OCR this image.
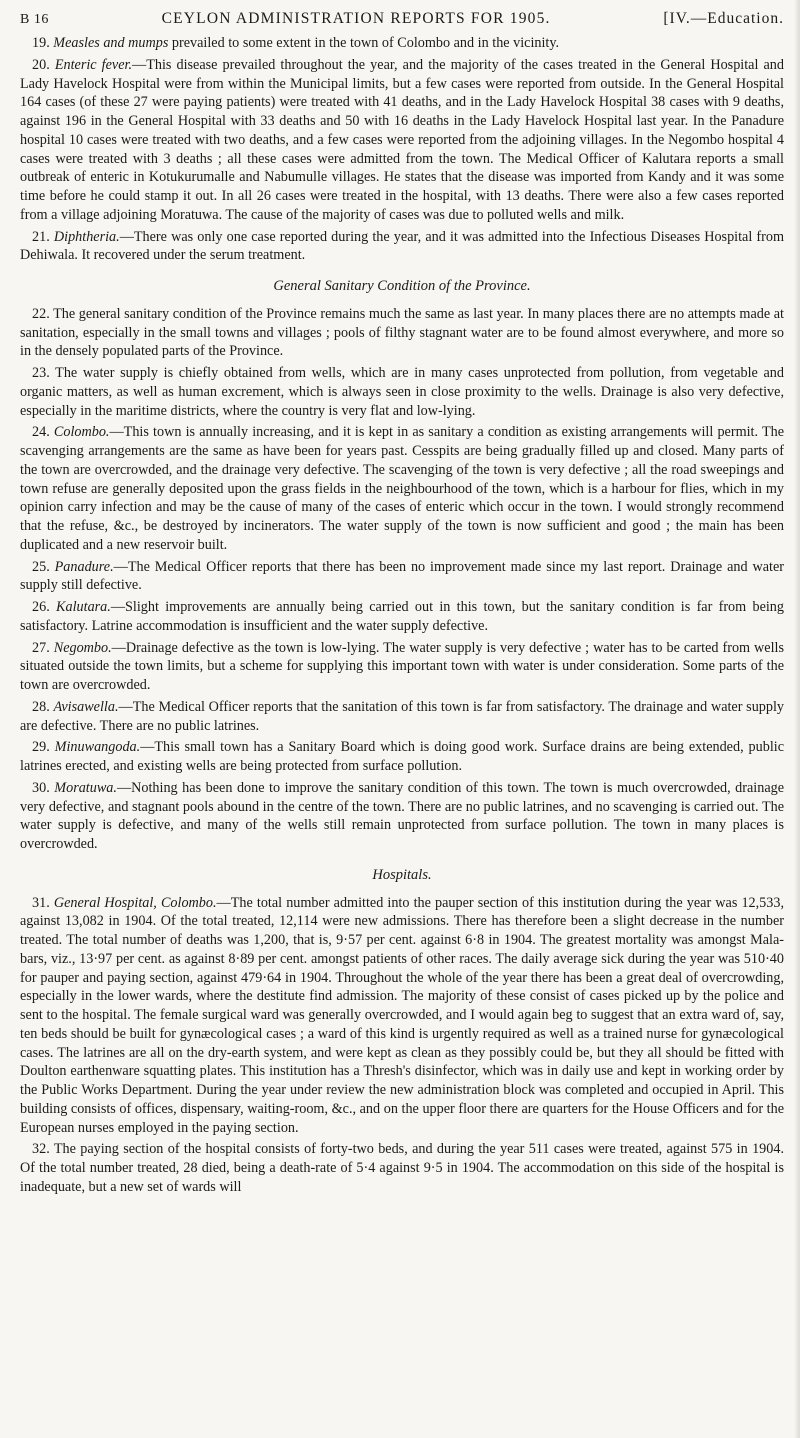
B 16	CEYLON ADMINISTRATION REPORTS FOR 1905.	[IV.—Education.

19. Measles and mumps prevailed to some extent in the town of Colombo and in the vicinity.

20. Enteric fever.—This disease prevailed throughout the year, and the majority of the cases treated in the General Hospital and Lady Havelock Hospital were from within the Municipal limits, but a few cases were reported from outside. In the General Hospital 164 cases (of these 27 were paying patients) were treated with 41 deaths, and in the Lady Havelock Hospital 38 cases with 9 deaths, against 196 in the General Hospital with 33 deaths and 50 with 16 deaths in the Lady Havelock Hospital last year. In the Panadure hospital 10 cases were treated with two deaths, and a few cases were reported from the adjoining villages. In the Negombo hospital 4 cases were treated with 3 deaths ; all these cases were admitted from the town. The Medical Officer of Kalutara reports a small outbreak of enteric in Kotukurumalle and Nabumulle villages. He states that the disease was imported from Kandy and it was some time before he could stamp it out. In all 26 cases were treated in the hospital, with 13 deaths. There were also a few cases reported from a village adjoining Moratuwa. The cause of the majority of cases was due to polluted wells and milk.

21. Diphtheria.—There was only one case reported during the year, and it was admitted into the Infectious Diseases Hospital from Dehiwala. It recovered under the serum treatment.

General Sanitary Condition of the Province.

22. The general sanitary condition of the Province remains much the same as last year. In many places there are no attempts made at sanitation, especially in the small towns and villages ; pools of filthy stagnant water are to be found almost everywhere, and more so in the densely populated parts of the Province.

23. The water supply is chiefly obtained from wells, which are in many cases unprotected from pollution, from vegetable and organic matters, as well as human excrement, which is always seen in close proximity to the wells. Drainage is also very defective, especially in the maritime districts, where the country is very flat and low-lying.

24. Colombo.—This town is annually increasing, and it is kept in as sanitary a condition as existing arrangements will permit. The scavenging arrangements are the same as have been for years past. Cesspits are being gradually filled up and closed. Many parts of the town are overcrowded, and the drainage very defective. The scavenging of the town is very defective ; all the road sweepings and town refuse are generally deposited upon the grass fields in the neighbourhood of the town, which is a harbour for flies, which in my opinion carry infection and may be the cause of many of the cases of enteric which occur in the town. I would strongly recommend that the refuse, &c., be destroyed by incinerators. The water supply of the town is now sufficient and good ; the main has been duplicated and a new reservoir built.

25. Panadure.—The Medical Officer reports that there has been no improvement made since my last report. Drainage and water supply still defective.

26. Kalutara.—Slight improvements are annually being carried out in this town, but the sanitary condition is far from being satisfactory. Latrine accommodation is insufficient and the water supply defective.

27. Negombo.—Drainage defective as the town is low-lying. The water supply is very defective ; water has to be carted from wells situated outside the town limits, but a scheme for supplying this important town with water is under consideration. Some parts of the town are overcrowded.

28. Avisawella.—The Medical Officer reports that the sanitation of this town is far from satisfactory. The drainage and water supply are defective. There are no public latrines.

29. Minuwangoda.—This small town has a Sanitary Board which is doing good work. Surface drains are being extended, public latrines erected, and existing wells are being protected from surface pollution.

30. Moratuwa.—Nothing has been done to improve the sanitary condition of this town. The town is much overcrowded, drainage very defective, and stagnant pools abound in the centre of the town. There are no public latrines, and no scavenging is carried out. The water supply is defective, and many of the wells still remain unprotected from surface pollution. The town in many places is overcrowded.

Hospitals.

31. General Hospital, Colombo.—The total number admitted into the pauper section of this institution during the year was 12,533, against 13,082 in 1904. Of the total treated, 12,114 were new admissions. There has therefore been a slight decrease in the number treated. The total number of deaths was 1,200, that is, 9·57 per cent. against 6·8 in 1904. The greatest mortality was amongst Mala-bars, viz., 13·97 per cent. as against 8·89 per cent. amongst patients of other races. The daily average sick during the year was 510·40 for pauper and paying section, against 479·64 in 1904. Throughout the whole of the year there has been a great deal of overcrowding, especially in the lower wards, where the destitute find admission. The majority of these consist of cases picked up by the police and sent to the hospital. The female surgical ward was generally overcrowded, and I would again beg to suggest that an extra ward of, say, ten beds should be built for gynæcological cases ; a ward of this kind is urgently required as well as a trained nurse for gynæcological cases. The latrines are all on the dry-earth system, and were kept as clean as they possibly could be, but they all should be fitted with Doulton earthenware squatting plates. This institution has a Thresh's disinfector, which was in daily use and kept in working order by the Public Works Department. During the year under review the new administration block was completed and occupied in April. This building consists of offices, dispensary, waiting-room, &c., and on the upper floor there are quarters for the House Officers and for the European nurses employed in the paying section.

32. The paying section of the hospital consists of forty-two beds, and during the year 511 cases were treated, against 575 in 1904. Of the total number treated, 28 died, being a death-rate of 5·4 against 9·5 in 1904. The accommodation on this side of the hospital is inadequate, but a new set of wards will
